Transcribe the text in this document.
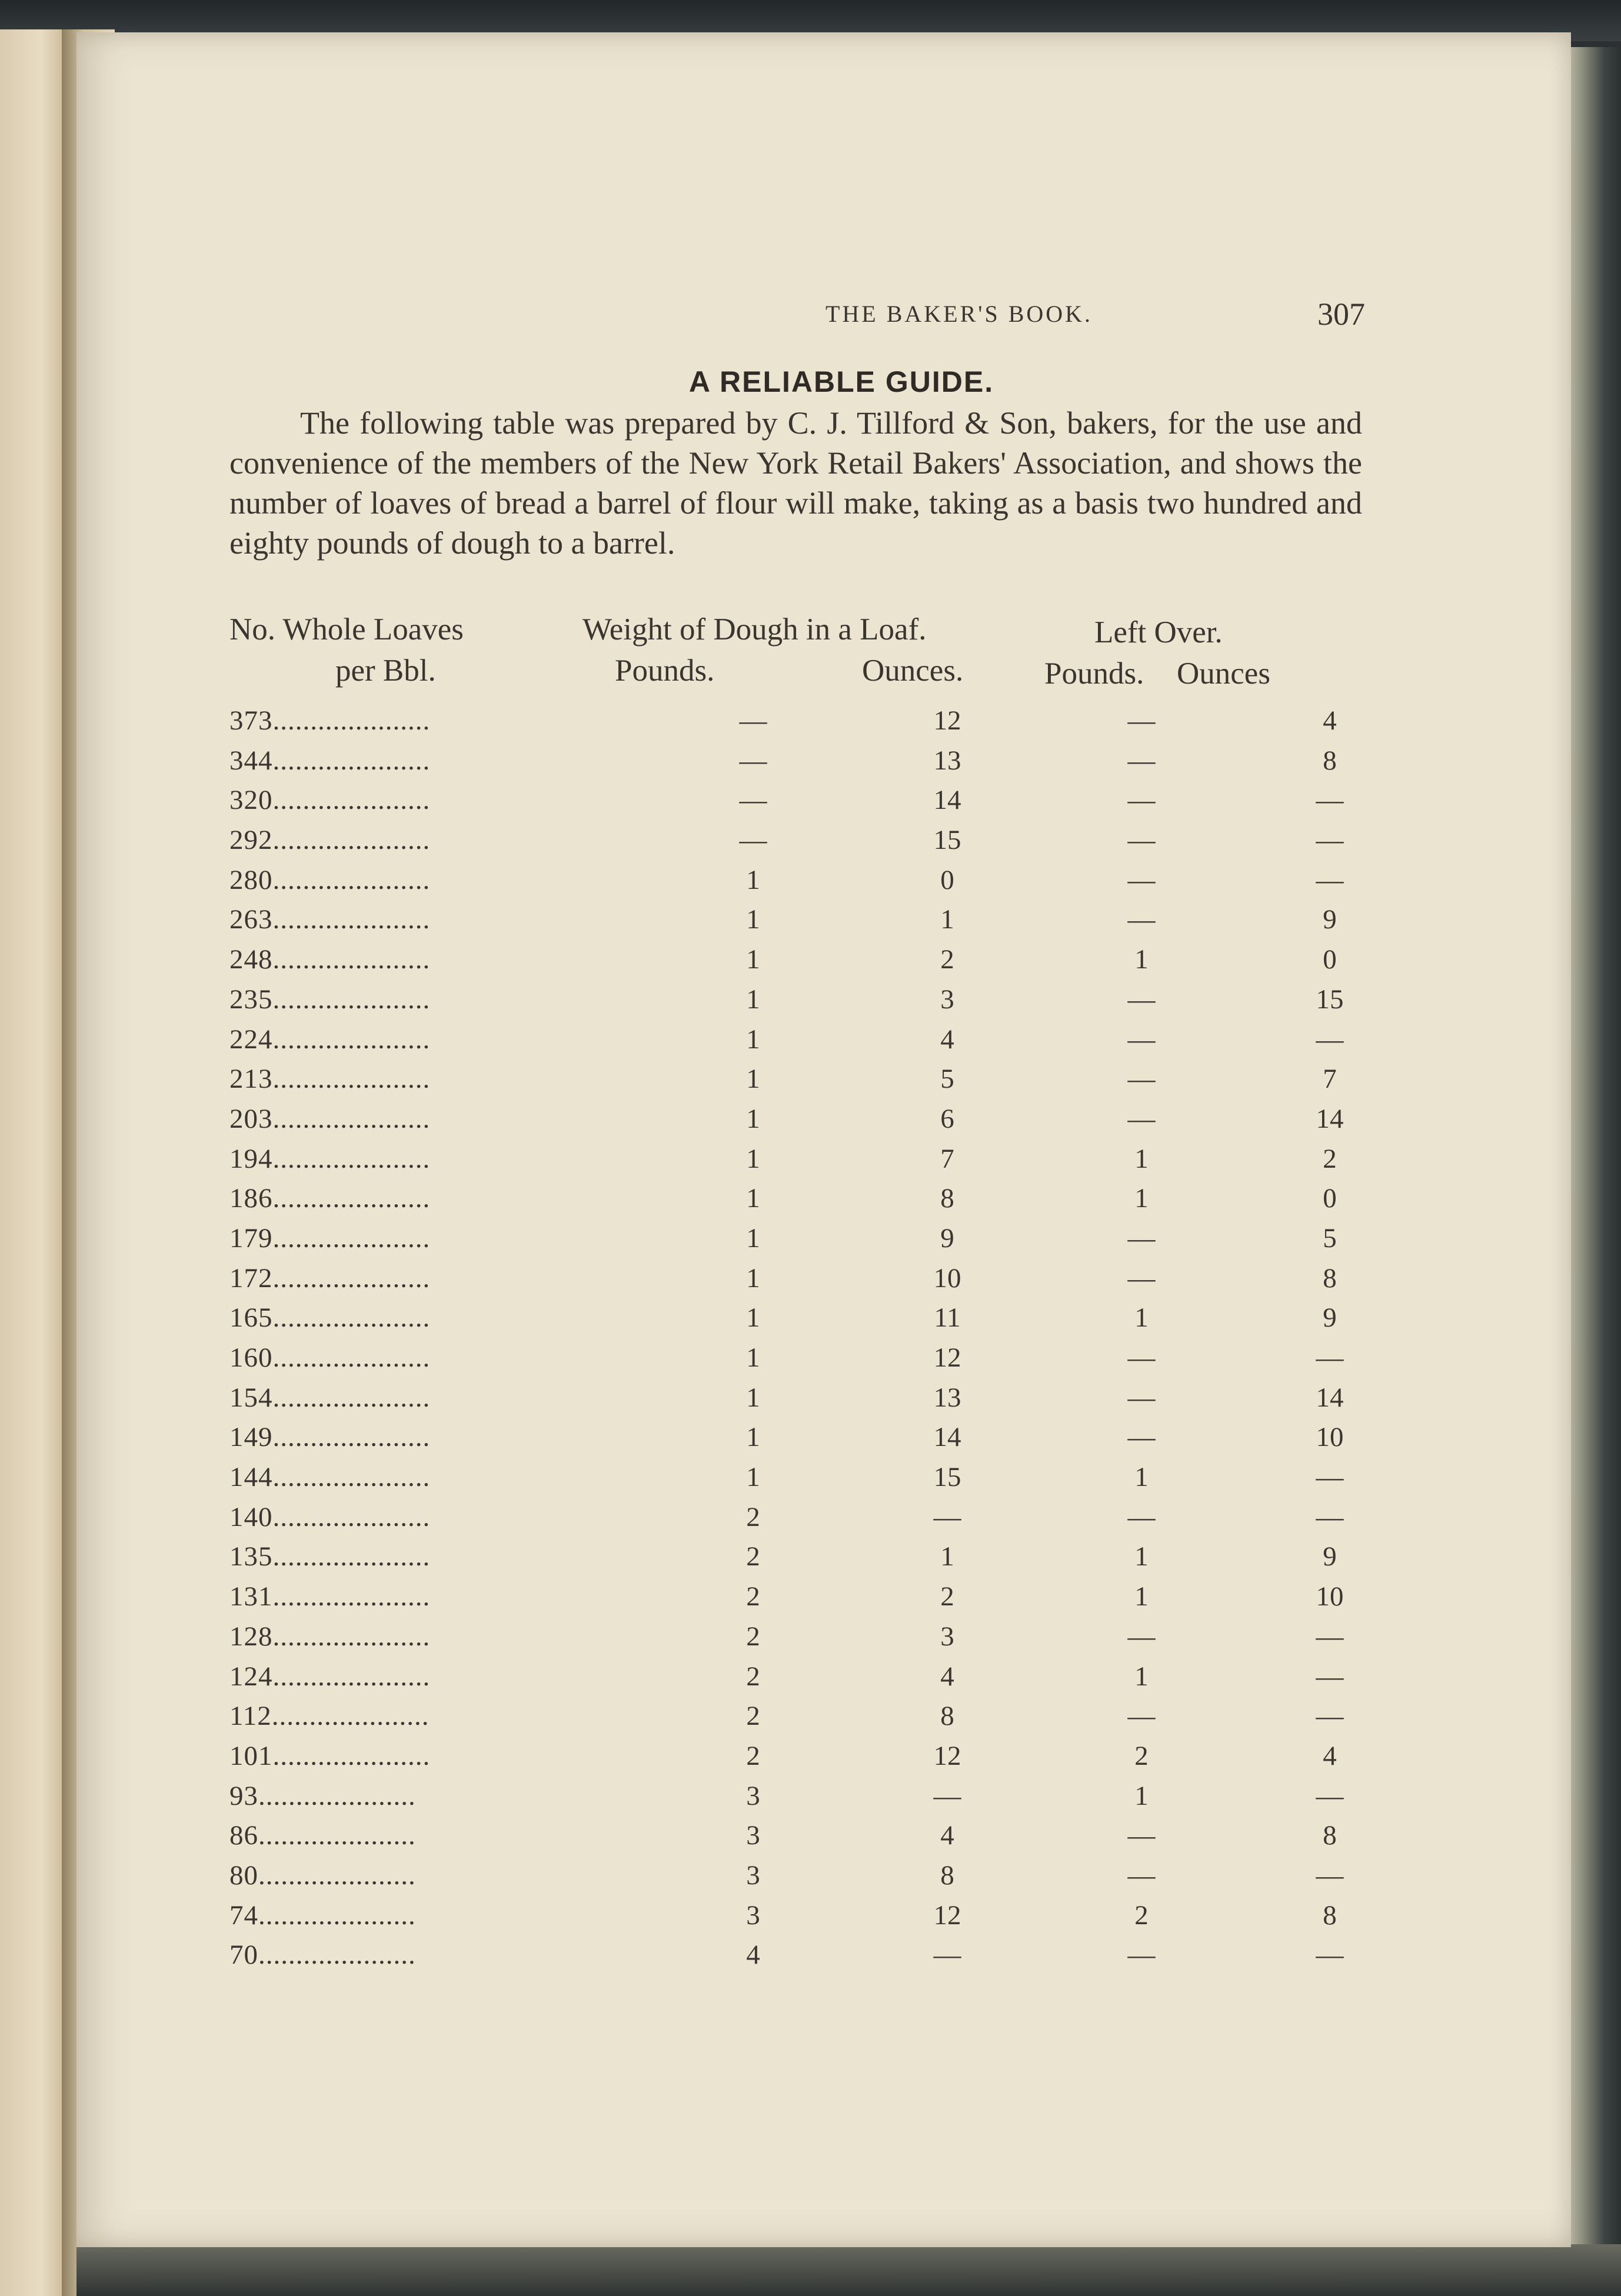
THE BAKER'S BOOK.	307
A RELIABLE GUIDE.
The following table was prepared by C. J. Tillford & Son, bakers, for the use and convenience of the members of the New York Retail Bakers' Association, and shows the number of loaves of bread a barrel of flour will make, taking as a basis two hundred and eighty pounds of dough to a barrel.
No. Whole Loaves
per Bbl.
Weight of Dough in a Loaf.
Pounds.	Ounces.
Left Over.
Pounds. Ounces
373.....................	—	12	—	4
344.....................	—	13	—	8
320.....................	—	14	—	—
292.....................	—	15	—	—
280.....................	1	0	—	—
263.....................	1	1	—	9
248.....................	1	2	1	0
235.....................	1	3	—	15
224.....................	1	4	—	—
213.....................	1	5	—	7
203.....................	1	6	—	14
194.....................	1	7	1	2
186.....................	1	8	1	0
179.....................	1	9	—	5
172.....................	1	10	—	8
165.....................	1	11	1	9
160.....................	1	12	—	—
154.....................	1	13	—	14
149.....................	1	14	—	10
144.....................	1	15	1	—
140.....................	2	—	—	—
135.....................	2	1	1	9
131.....................	2	2	1	10
128.....................	2	3	—	—
124.....................	2	4	1	—
112.....................	2	8	—	—
101.....................	2	12	2	4
93.....................	3	—	1	—
86.....................	3	4	—	8
80.....................	3	8	—	—
74.....................	3	12	2	8
70.....................	4	—	—	—
